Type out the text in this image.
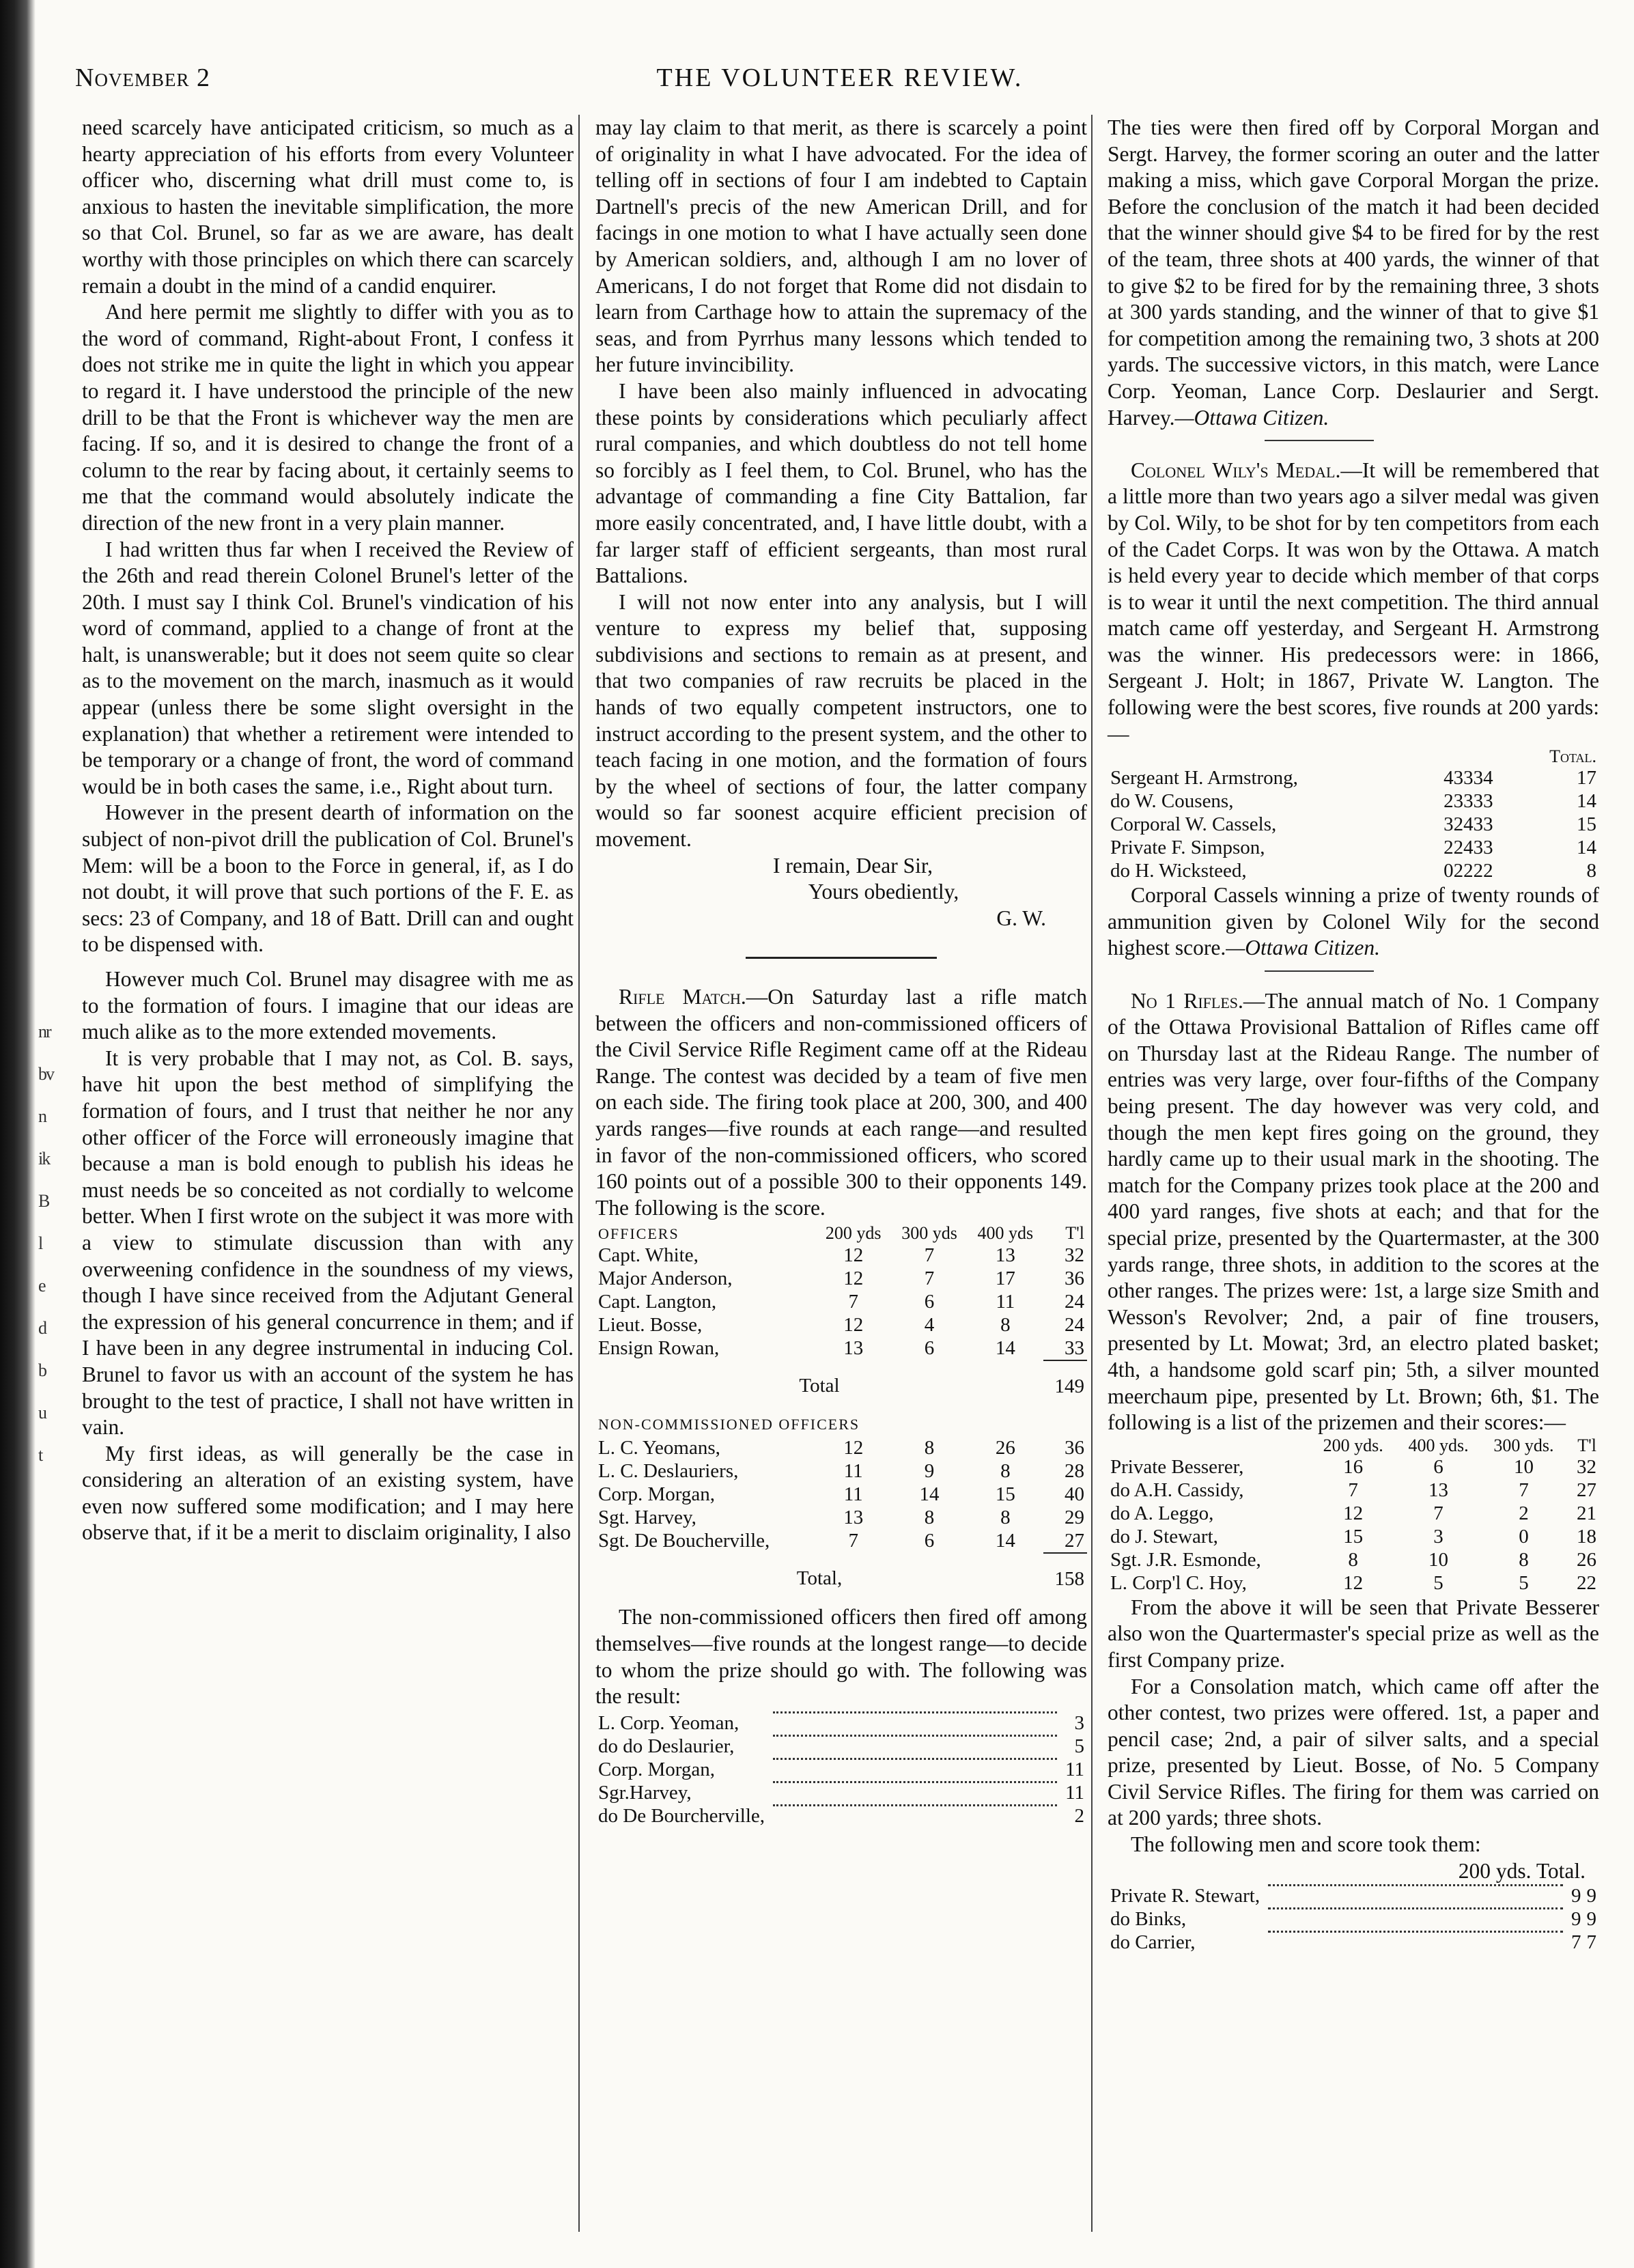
nr
bv
n
ik
B
l
e
d
b
u
t
November 2	THE VOLUNTEER REVIEW.

need scarcely have anticipated criticism, so much as a hearty appreciation of his efforts from every Volunteer officer who, discerning what drill must come to, is anxious to hasten the inevitable simplification, the more so that Col. Brunel, so far as we are aware, has dealt worthy with those principles on which there can scarcely remain a doubt in the mind of a candid enquirer.

And here permit me slightly to differ with you as to the word of command, Right-about Front, I confess it does not strike me in quite the light in which you appear to regard it. I have understood the principle of the new drill to be that the Front is whichever way the men are facing. If so, and it is desired to change the front of a column to the rear by facing about, it certainly seems to me that the command would absolutely indicate the direction of the new front in a very plain manner.

I had written thus far when I received the Review of the 26th and read therein Colonel Brunel's letter of the 20th. I must say I think Col. Brunel's vindication of his word of command, applied to a change of front at the halt, is unanswerable; but it does not seem quite so clear as to the movement on the march, inasmuch as it would appear (unless there be some slight oversight in the explanation) that whether a retirement were intended to be temporary or a change of front, the word of command would be in both cases the same, i.e., Right about turn.

However in the present dearth of information on the subject of non-pivot drill the publication of Col. Brunel's Mem: will be a boon to the Force in general, if, as I do not doubt, it will prove that such portions of the F. E. as secs: 23 of Company, and 18 of Batt. Drill can and ought to be dispensed with.

However much Col. Brunel may disagree with me as to the formation of fours. I imagine that our ideas are much alike as to the more extended movements.

It is very probable that I may not, as Col. B. says, have hit upon the best method of simplifying the formation of fours, and I trust that neither he nor any other officer of the Force will erroneously imagine that because a man is bold enough to publish his ideas he must needs be so conceited as not cordially to welcome better. When I first wrote on the subject it was more with a view to stimulate discussion than with any overweening confidence in the soundness of my views, though I have since received from the Adjutant General the expression of his general concurrence in them; and if I have been in any degree instrumental in inducing Col. Brunel to favor us with an account of the system he has brought to the test of practice, I shall not have written in vain.

My first ideas, as will generally be the case in considering an alteration of an existing system, have even now suffered some modification; and I may here observe that, if it be a merit to disclaim originality, I also

may lay claim to that merit, as there is scarcely a point of originality in what I have advocated. For the idea of telling off in sections of four I am indebted to Captain Dartnell's precis of the new American Drill, and for facings in one motion to what I have actually seen done by American soldiers, and, although I am no lover of Americans, I do not forget that Rome did not disdain to learn from Carthage how to attain the supremacy of the seas, and from Pyrrhus many lessons which tended to her future invincibility.

I have been also mainly influenced in advocating these points by considerations which peculiarly affect rural companies, and which doubtless do not tell home so forcibly as I feel them, to Col. Brunel, who has the advantage of commanding a fine City Battalion, far more easily concentrated, and, I have little doubt, with a far larger staff of efficient sergeants, than most rural Battalions.

I will not now enter into any analysis, but I will venture to express my belief that, supposing subdivisions and sections to remain as at present, and that two companies of raw recruits be placed in the hands of two equally competent instructors, one to instruct according to the present system, and the other to teach facing in one motion, and the formation of fours by the wheel of sections of four, the latter company would so far soonest acquire efficient precision of movement.

I remain, Dear Sir,

Yours obediently,

G. W.

Rifle Match.—On Saturday last a rifle match between the officers and non-commissioned officers of the Civil Service Rifle Regiment came off at the Rideau Range. The contest was decided by a team of five men on each side. The firing took place at 200, 300, and 400 yards ranges—five rounds at each range—and resulted in favor of the non-commissioned officers, who scored 160 points out of a possible 300 to their opponents 149. The following is the score.

OFFICERS	200 yds	300 yds	400 yds	T'l
Capt. White,	12	7	13	32
Major Anderson,	12	7	17	36
Capt. Langton,	7	6	11	24
Lieut. Bosse,	12	4	8	24
Ensign Rowan,	13	6	14	33
Total				149
NON-COMMISSIONED OFFICERS				
L. C. Yeomans,	12	8	26	36
L. C. Deslauriers,	11	9	8	28
Corp. Morgan,	11	14	15	40
Sgt. Harvey,	13	8	8	29
Sgt. De Boucherville,	7	6	14	27
Total,				158

The non-commissioned officers then fired off among themselves—five rounds at the longest range—to decide to whom the prize should go with. The following was the result:

L. Corp. Yeoman,		3
do do Deslaurier,		5
Corp. Morgan,		11
Sgr.Harvey,		11
do De Bourcherville,		2

The ties were then fired off by Corporal Morgan and Sergt. Harvey, the former scoring an outer and the latter making a miss, which gave Corporal Morgan the prize. Before the conclusion of the match it had been decided that the winner should give $4 to be fired for by the rest of the team, three shots at 400 yards, the winner of that to give $2 to be fired for by the remaining three, 3 shots at 300 yards standing, and the winner of that to give $1 for competition among the remaining two, 3 shots at 200 yards. The successive victors, in this match, were Lance Corp. Yeoman, Lance Corp. Deslaurier and Sergt. Harvey.—Ottawa Citizen.

Colonel Wily's Medal.—It will be remembered that a little more than two years ago a silver medal was given by Col. Wily, to be shot for by ten competitors from each of the Cadet Corps. It was won by the Ottawa. A match is held every year to decide which member of that corps is to wear it until the next competition. The third annual match came off yesterday, and Sergeant H. Armstrong was the winner. His predecessors were: in 1866, Sergeant J. Holt; in 1867, Private W. Langton. The following were the best scores, five rounds at 200 yards:—

		Total.
Sergeant H. Armstrong,	43334	17
do W. Cousens,	23333	14
Corporal W. Cassels,	32433	15
Private F. Simpson,	22433	14
do H. Wicksteed,	02222	8

Corporal Cassels winning a prize of twenty rounds of ammunition given by Colonel Wily for the second highest score.—Ottawa Citizen.

No 1 Rifles.—The annual match of No. 1 Company of the Ottawa Provisional Battalion of Rifles came off on Thursday last at the Rideau Range. The number of entries was very large, over four-fifths of the Company being present. The day however was very cold, and though the men kept fires going on the ground, they hardly came up to their usual mark in the shooting. The match for the Company prizes took place at the 200 and 400 yard ranges, five shots at each; and that for the special prize, presented by the Quartermaster, at the 300 yards range, three shots, in addition to the scores at the other ranges. The prizes were: 1st, a large size Smith and Wesson's Revolver; 2nd, a pair of fine trousers, presented by Lt. Mowat; 3rd, an electro plated basket; 4th, a handsome gold scarf pin; 5th, a silver mounted meerchaum pipe, presented by Lt. Brown; 6th, $1. The following is a list of the prizemen and their scores:—

	200 yds.	400 yds.	300 yds.	T'l
Private Besserer,	16	6	10	32
do A.H. Cassidy,	7	13	7	27
do A. Leggo,	12	7	2	21
do J. Stewart,	15	3	0	18
Sgt. J.R. Esmonde,	8	10	8	26
L. Corp'l C. Hoy,	12	5	5	22

From the above it will be seen that Private Besserer also won the Quartermaster's special prize as well as the first Company prize.

For a Consolation match, which came off after the other contest, two prizes were offered. 1st, a paper and pencil case; 2nd, a pair of silver salts, and a special prize, presented by Lieut. Bosse, of No. 5 Company Civil Service Rifles. The firing for them was carried on at 200 yards; three shots.

The following men and score took them:

200 yds. Total.

Private R. Stewart,		9	9
do Binks,		9	9
do Carrier,		7	7
